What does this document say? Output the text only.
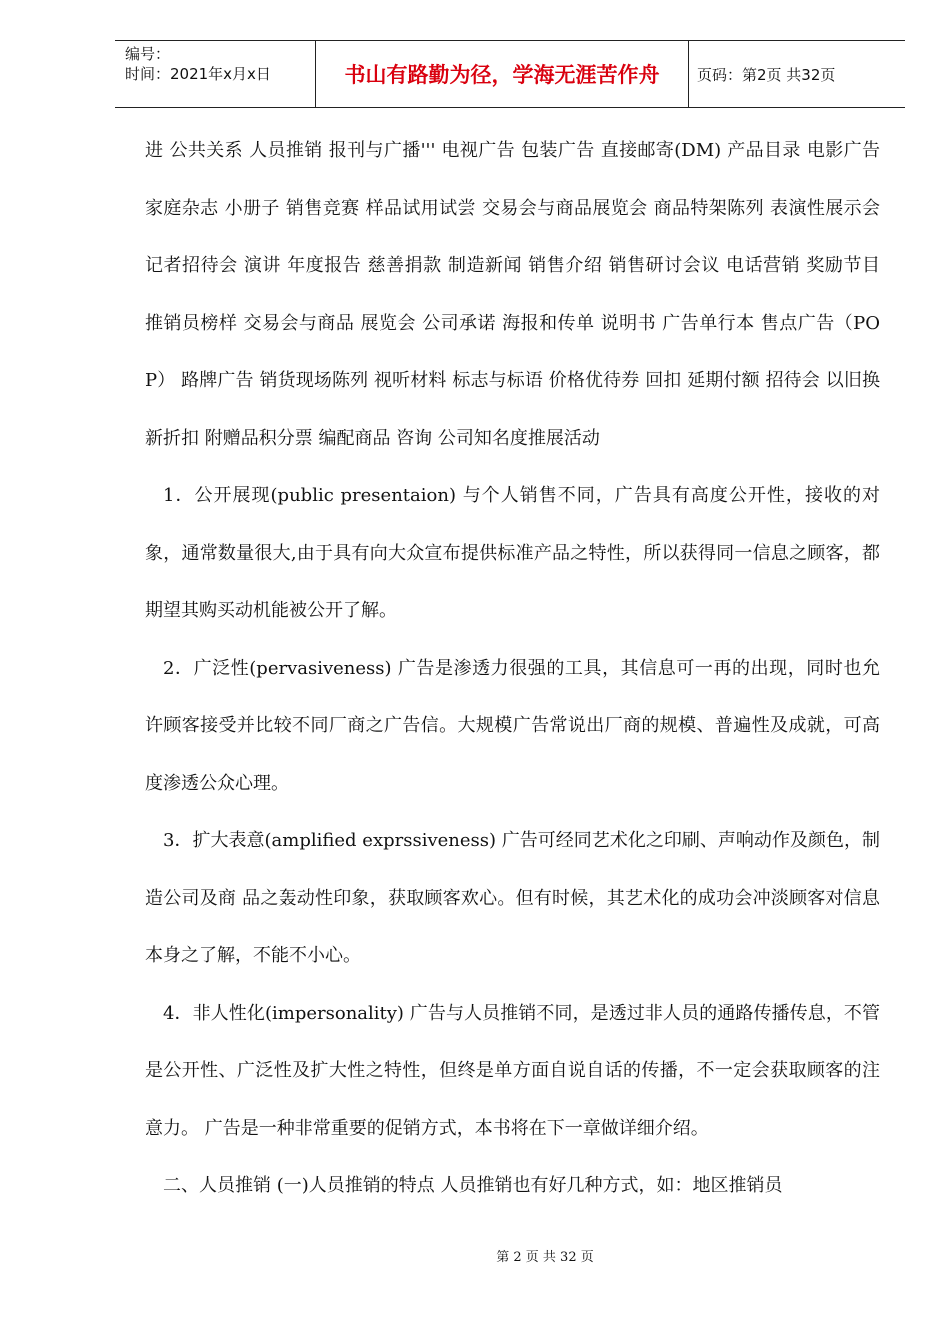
编号：
时间：2021年x月x日	书山有路勤为径，学海无涯苦作舟	页码：第2页 共32页

进 公共关系 人员推销 报刊与广播''' 电视广告 包装广告 直接邮寄(DM) 产品目录 电影广告 家庭杂志 小册子 销售竞赛 样品试用试尝 交易会与商品展览会 商品特架陈列 表演性展示会 记者招待会 演讲 年度报告 慈善捐款 制造新闻 销售介绍 销售研讨会议 电话营销 奖励节目 推销员榜样 交易会与商品 展览会 公司承诺 海报和传单 说明书 广告单行本 售点广告（POP） 路牌广告 销货现场陈列 视听材料 标志与标语 价格优待券 回扣 延期付额 招待会 以旧换新折扣 附赠品积分票 编配商品 咨询 公司知名度推展活动

1．公开展现(public presentaion) 与个人销售不同，广告具有高度公开性，接收的对象，通常数量很大,由于具有向大众宣布提供标准产品之特性，所以获得同一信息之顾客，都期望其购买动机能被公开了解。

2．广泛性(pervasiveness) 广告是渗透力很强的工具，其信息可一再的出现，同时也允许顾客接受并比较不同厂商之广告信。大规模广告常说出厂商的规模、普遍性及成就，可高度渗透公众心理。

3．扩大表意(amplified exprssiveness) 广告可经同艺术化之印刷、声响动作及颜色，制造公司及商 品之轰动性印象，获取顾客欢心。但有时候，其艺术化的成功会冲淡顾客对信息本身之了解，不能不小心。

4．非人性化(impersonality) 广告与人员推销不同，是透过非人员的通路传播传息，不管是公开性、广泛性及扩大性之特性，但终是单方面自说自话的传播，不一定会获取顾客的注意力。 广告是一种非常重要的促销方式，本书将在下一章做详细介绍。

二、人员推销 (一)人员推销的特点 人员推销也有好几种方式，如：地区推销员

第 2 页 共 32 页
